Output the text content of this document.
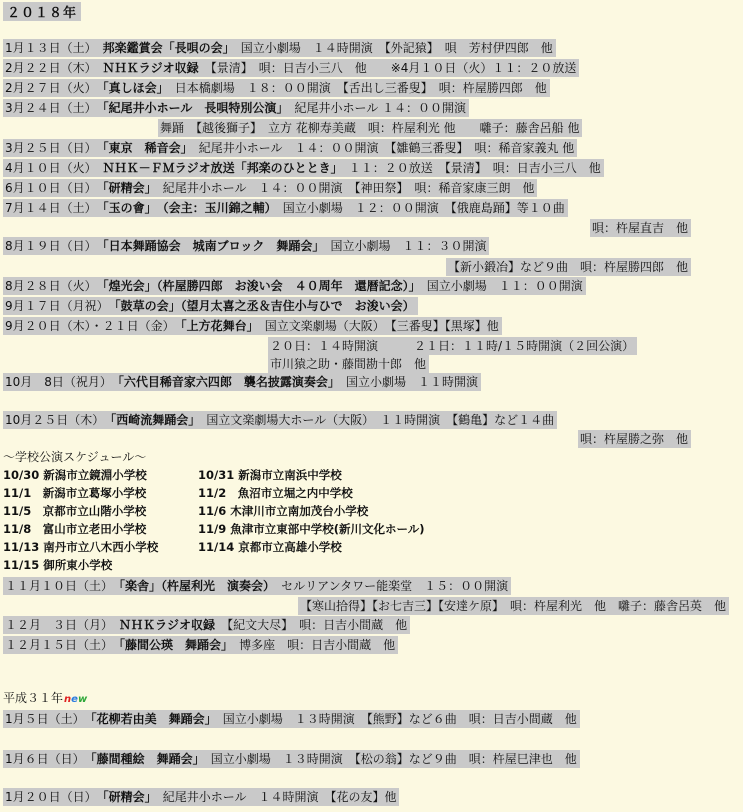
２０１８年
1月１３日（土）　 邦楽鑑賞会「長唄の会」　 国立小劇場　１４時開演　【外記猿】　唄　芳村伊四郎　他
2月２２日（木）　 ＮＨＫラジオ収録　 【景清】　唄：日吉小三八　他　　※4月１０日（火）１１：２０放送
2月２７日（火）　 「真しほ会」　 日本橋劇場　１８：００開演　【舌出し三番叟】　唄：杵屋勝四郎　他
3月２４日（土）　 「紀尾井小ホール　長唄特別公演」　 紀尾井小ホール １４：００開演
舞踊　【越後獅子】　立方 花柳寿美蔵　唄：杵屋利光 他　　囃子：藤舎呂船 他
3月２５日（日）　 「東京　稀音会」　 紀尾井小ホール　１４：００開演　【雛鶴三番叟】　唄：稀音家義丸 他
4月１０日（火）　 ＮＨＫ－ＦＭラジオ放送「邦楽のひととき」　 １１：２０放送　【景清】　唄：日吉小三八　他
6月１０日（日）　 「研精会」　 紀尾井小ホール　１４：００開演　【神田祭】　唄：稀音家康三朗　他
7月１４日（土）　 「玉の會」　（会主：玉川錦之輔）　 国立小劇場　１２：００開演　【俄鹿島踊】等１０曲
唄：杵屋直吉　他
8月１９日（日）　 「日本舞踊協会　城南ブロック　舞踊会」　 国立小劇場　１１：３０開演
【新小鍛冶】など９曲　唄：杵屋勝四郎　他
8月２８日（火）　 「煌光会」（杵屋勝四郎　お浚い会　４０周年　還暦記念）」　 国立小劇場　１１：００開演
9月１７日（月祝）　 「鼓草の会」（望月太喜之丞＆吉住小与ひで　お浚い会）
9月２０日（木）・２１日（金）　 「上方花舞台」　 国立文楽劇場（大阪）　【三番叟】【黒塚】他
２０日：１４時開演　　　	２１日：１１時/１５時開演（２回公演）
市川猿之助・藤間勘十郎　他
10月　8日（祝月）　 「六代目稀音家六四郎　襲名披露演奏会」　 国立小劇場　１１時開演
10月２５日（木）　 「西崎流舞踊会」　 国立文楽劇場大ホール（大阪）　１１時開演　【鶴亀】など１４曲
唄：杵屋勝之弥　他
～学校公演スケジュール～
10/30 新潟市立鏡淵小学校	10/31 新潟市立南浜中学校
11/1　新潟市立葛塚小学校	11/2　魚沼市立堀之内中学校
11/5　京都市立山階小学校	11/6 木津川市立南加茂台小学校
11/8　富山市立老田小学校	11/9 魚津市立東部中学校(新川文化ホール)
11/13 南丹市立八木西小学校	11/14 京都市立高雄小学校
11/15 御所東小学校
１１月１０日（土）　 「楽舎」（杵屋利光　演奏会）　 セルリアンタワー能楽堂　１５：００開演
【寒山拾得】【お七吉三】【安達ケ原】　唄：杵屋利光　他　囃子：藤舎呂英　他
１２月　３日（月）　 ＮＨＫラジオ収録　 【紀文大尽】　唄：日吉小間蔵　他
１２月１５日（土）　 「藤間公瑛　舞踊会」　 博多座　唄：日吉小間蔵　他
平成３１年new
1月５日（土）　 「花柳若由美　舞踊会」　 国立小劇場　１３時開演　【熊野】など６曲　唄：日吉小間蔵　他
1月６日（日）　 「藤間種絵　舞踊会」　 国立小劇場　１３時開演　【松の翁】など９曲　唄：杵屋巳津也　他
1月２０日（日）　 「研精会」　 紀尾井小ホール　１４時開演　【花の友】他
